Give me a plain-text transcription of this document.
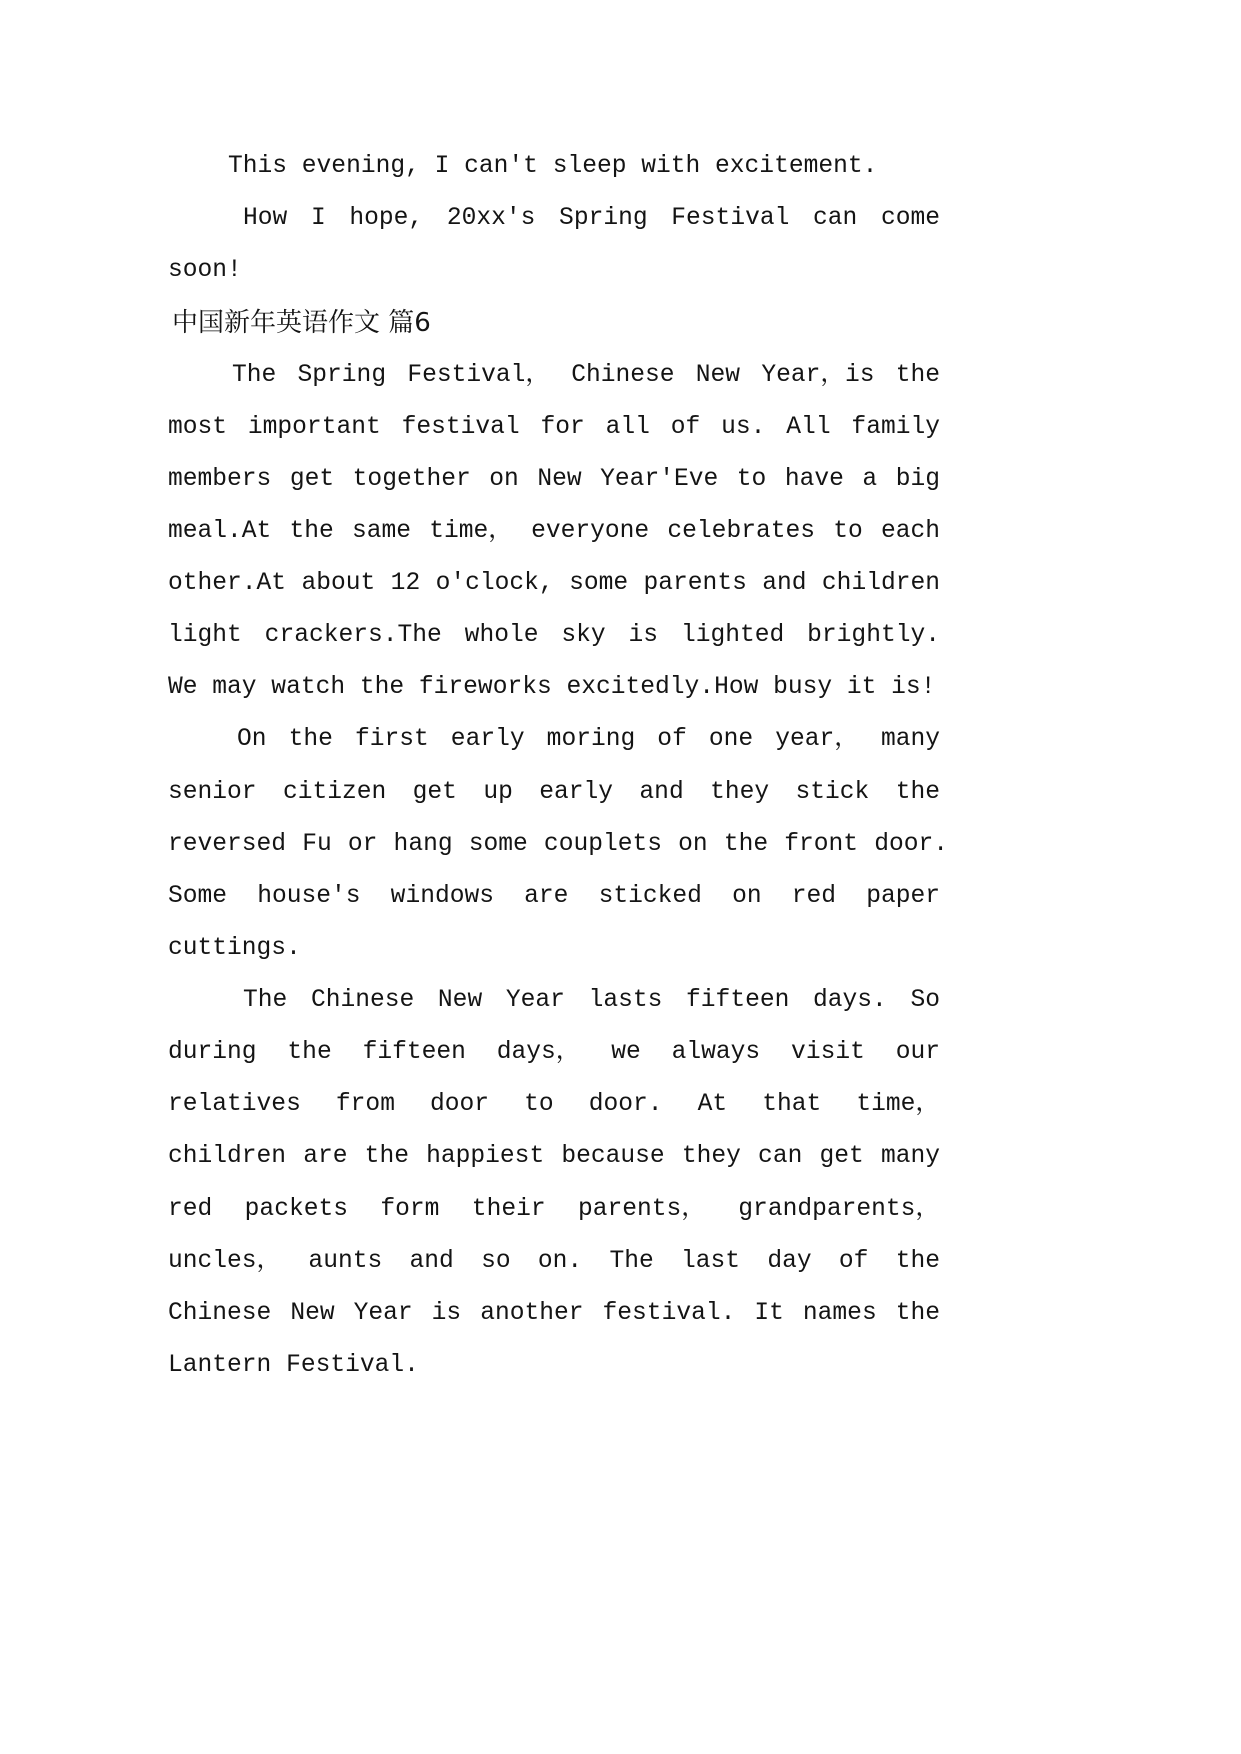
This evening, I can't sleep with excitement.
How I hope, 20xx's Spring Festival can come
soon!
中国新年英语作文 篇6
The Spring Festival， Chinese New Year，is the
most important festival for all of us. All family
members get together on New Year'Eve to have a big
meal.At the same time， everyone celebrates to each
other.At about 12 o'clock, some parents and children
light crackers.The whole sky is lighted brightly.
We may watch the fireworks excitedly.How busy it is!
On the first early moring of one year， many
senior citizen get up early and they stick the
reversed Fu or hang some couplets on the front door.
Some house's windows are sticked on red paper
cuttings.
The Chinese New Year lasts fifteen days. So
during the fifteen days， we always visit our
relatives from door to door. At that time，
children are the happiest because they can get many
red packets form their parents， grandparents，
uncles， aunts and so on. The last day of the
Chinese New Year is another festival. It names the
Lantern Festival.
